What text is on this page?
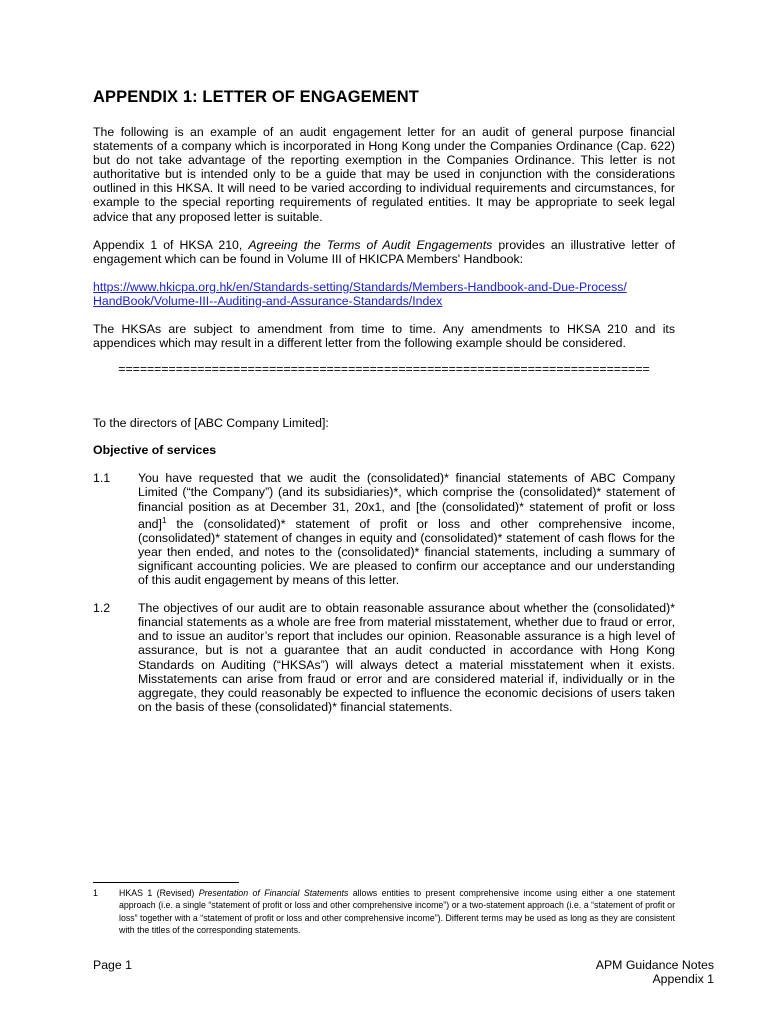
APPENDIX 1: LETTER OF ENGAGEMENT

The following is an example of an audit engagement letter for an audit of general purpose financial statements of a company which is incorporated in Hong Kong under the Companies Ordinance (Cap. 622) but do not take advantage of the reporting exemption in the Companies Ordinance. This letter is not authoritative but is intended only to be a guide that may be used in conjunction with the considerations outlined in this HKSA. It will need to be varied according to individual requirements and circumstances, for example to the special reporting requirements of regulated entities. It may be appropriate to seek legal advice that any proposed letter is suitable.

Appendix 1 of HKSA 210, Agreeing the Terms of Audit Engagements provides an illustrative letter of engagement which can be found in Volume III of HKICPA Members' Handbook:

https://www.hkicpa.org.hk/en/Standards-setting/Standards/Members-Handbook-and-Due-Process/
HandBook/Volume-III--Auditing-and-Assurance-Standards/Index

The HKSAs are subject to amendment from time to time. Any amendments to HKSA 210 and its appendices which may result in a different letter from the following example should be considered.

==========================================================================

To the directors of [ABC Company Limited]:

Objective of services
1.1	You have requested that we audit the (consolidated)* financial statements of ABC Company Limited (“the Company”) (and its subsidiaries)*, which comprise the (consolidated)* statement of financial position as at December 31, 20x1, and [the (consolidated)* statement of profit or loss and]$^1$ the (consolidated)* statement of profit or loss and other comprehensive income, (consolidated)* statement of changes in equity and (consolidated)* statement of cash flows for the year then ended, and notes to the (consolidated)* financial statements, including a summary of significant accounting policies. We are pleased to confirm our acceptance and our understanding of this audit engagement by means of this letter.
1.2	The objectives of our audit are to obtain reasonable assurance about whether the (consolidated)* financial statements as a whole are free from material misstatement, whether due to fraud or error, and to issue an auditor’s report that includes our opinion. Reasonable assurance is a high level of assurance, but is not a guarantee that an audit conducted in accordance with Hong Kong Standards on Auditing (“HKSAs”) will always detect a material misstatement when it exists. Misstatements can arise from fraud or error and are considered material if, individually or in the aggregate, they could reasonably be expected to influence the economic decisions of users taken on the basis of these (consolidated)* financial statements.
1	HKAS 1 (Revised) Presentation of Financial Statements allows entities to present comprehensive income using either a one statement approach (i.e. a single “statement of profit or loss and other comprehensive income”) or a two-statement approach (i.e. a “statement of profit or loss” together with a “statement of profit or loss and other comprehensive income”). Different terms may be used as long as they are consistent with the titles of the corresponding statements.
Page 1	APM Guidance Notes
Appendix 1
